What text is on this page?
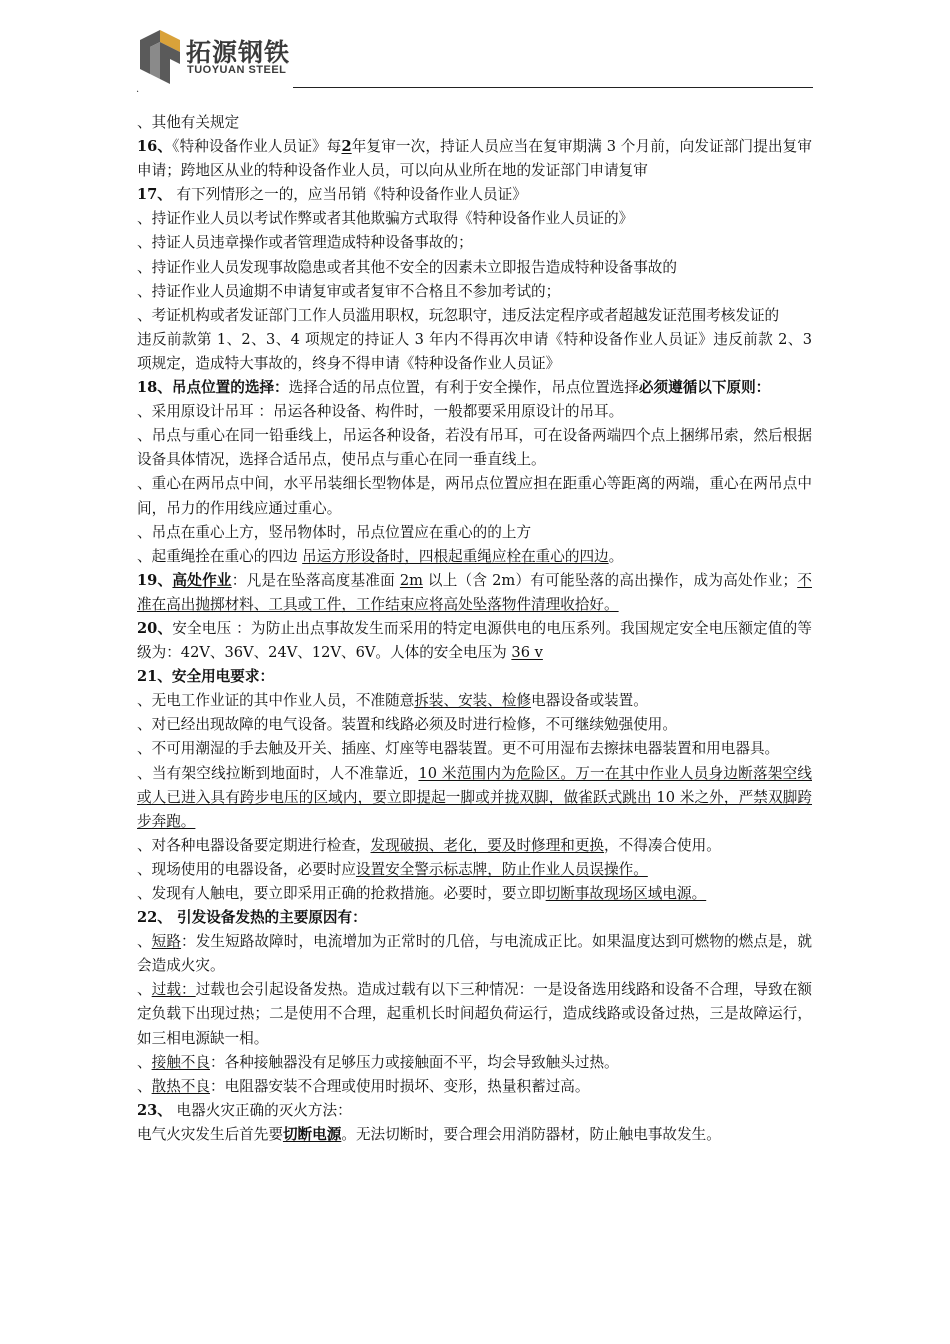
拓源钢铁
TUOYUAN STEEL
.

、其他有关规定

16、《特种设备作业人员证》每2年复审一次，持证人员应当在复审期满 3 个月前，向发证部门提出复审申请；跨地区从业的特种设备作业人员，可以向从业所在地的发证部门申请复审

17、 有下列情形之一的，应当吊销《特种设备作业人员证》

、持证作业人员以考试作弊或者其他欺骗方式取得《特种设备作业人员证的》

、持证人员违章操作或者管理造成特种设备事故的；

、持证作业人员发现事故隐患或者其他不安全的因素未立即报告造成特种设备事故的

、持证作业人员逾期不申请复审或者复审不合格且不参加考试的；

、考证机构或者发证部门工作人员滥用职权，玩忽职守，违反法定程序或者超越发证范围考核发证的

违反前款第 1、2、3、4 项规定的持证人 3 年内不得再次申请《特种设备作业人员证》违反前款 2、3 项规定，造成特大事故的，终身不得申请《特种设备作业人员证》

18、吊点位置的选择：选择合适的吊点位置，有利于安全操作，吊点位置选择必须遵循以下原则：

、采用原设计吊耳 ：吊运各种设备、构件时，一般都要采用原设计的吊耳。

、吊点与重心在同一铅垂线上，吊运各种设备，若没有吊耳，可在设备两端四个点上捆绑吊索，然后根据设备具体情况，选择合适吊点，使吊点与重心在同一垂直线上。

、重心在两吊点中间，水平吊装细长型物体是，两吊点位置应担在距重心等距离的两端，重心在两吊点中间，吊力的作用线应通过重心。

、吊点在重心上方，竖吊物体时，吊点位置应在重心的的上方

、起重绳拴在重心的四边 吊运方形设备时，四根起重绳应栓在重心的四边。

19、高处作业：凡是在坠落高度基准面 2m 以上（含 2m）有可能坠落的高出操作，成为高处作业；不准在高出抛掷材料、工具或工件，工作结束应将高处坠落物件清理收拾好。

20、安全电压 ：为防止出点事故发生而采用的特定电源供电的电压系列。我国规定安全电压额定值的等级为：42V、36V、24V、12V、6V。人体的安全电压为 36 v

21、安全用电要求：

、无电工作业证的其中作业人员，不准随意拆装、安装、检修电器设备或装置。

、对已经出现故障的电气设备。装置和线路必须及时进行检修，不可继续勉强使用。

、不可用潮湿的手去触及开关、插座、灯座等电器装置。更不可用湿布去擦抹电器装置和用电器具。

、当有架空线拉断到地面时，人不准靠近，10 米范围内为危险区。万一在其中作业人员身边断落架空线或人已进入具有跨步电压的区域内，要立即提起一脚或并拢双脚，做雀跃式跳出 10 米之外，严禁双脚跨步奔跑。

、对各种电器设备要定期进行检查，发现破损、老化，要及时修理和更换，不得凑合使用。

、现场使用的电器设备，必要时应设置安全警示标志牌，防止作业人员误操作。

、发现有人触电，要立即采用正确的抢救措施。必要时，要立即切断事故现场区域电源。

22、 引发设备发热的主要原因有：

、短路：发生短路故障时，电流增加为正常时的几倍，与电流成正比。如果温度达到可燃物的燃点是，就会造成火灾。

、过载：过载也会引起设备发热。造成过载有以下三种情况：一是设备选用线路和设备不合理，导致在额定负载下出现过热；二是使用不合理，起重机长时间超负荷运行，造成线路或设备过热，三是故障运行，如三相电源缺一相。

、接触不良：各种接触器没有足够压力或接触面不平，均会导致触头过热。

、散热不良：电阻器安装不合理或使用时损坏、变形，热量积蓄过高。

23、 电器火灾正确的灭火方法：

电气火灾发生后首先要切断电源。无法切断时，要合理会用消防器材，防止触电事故发生。
